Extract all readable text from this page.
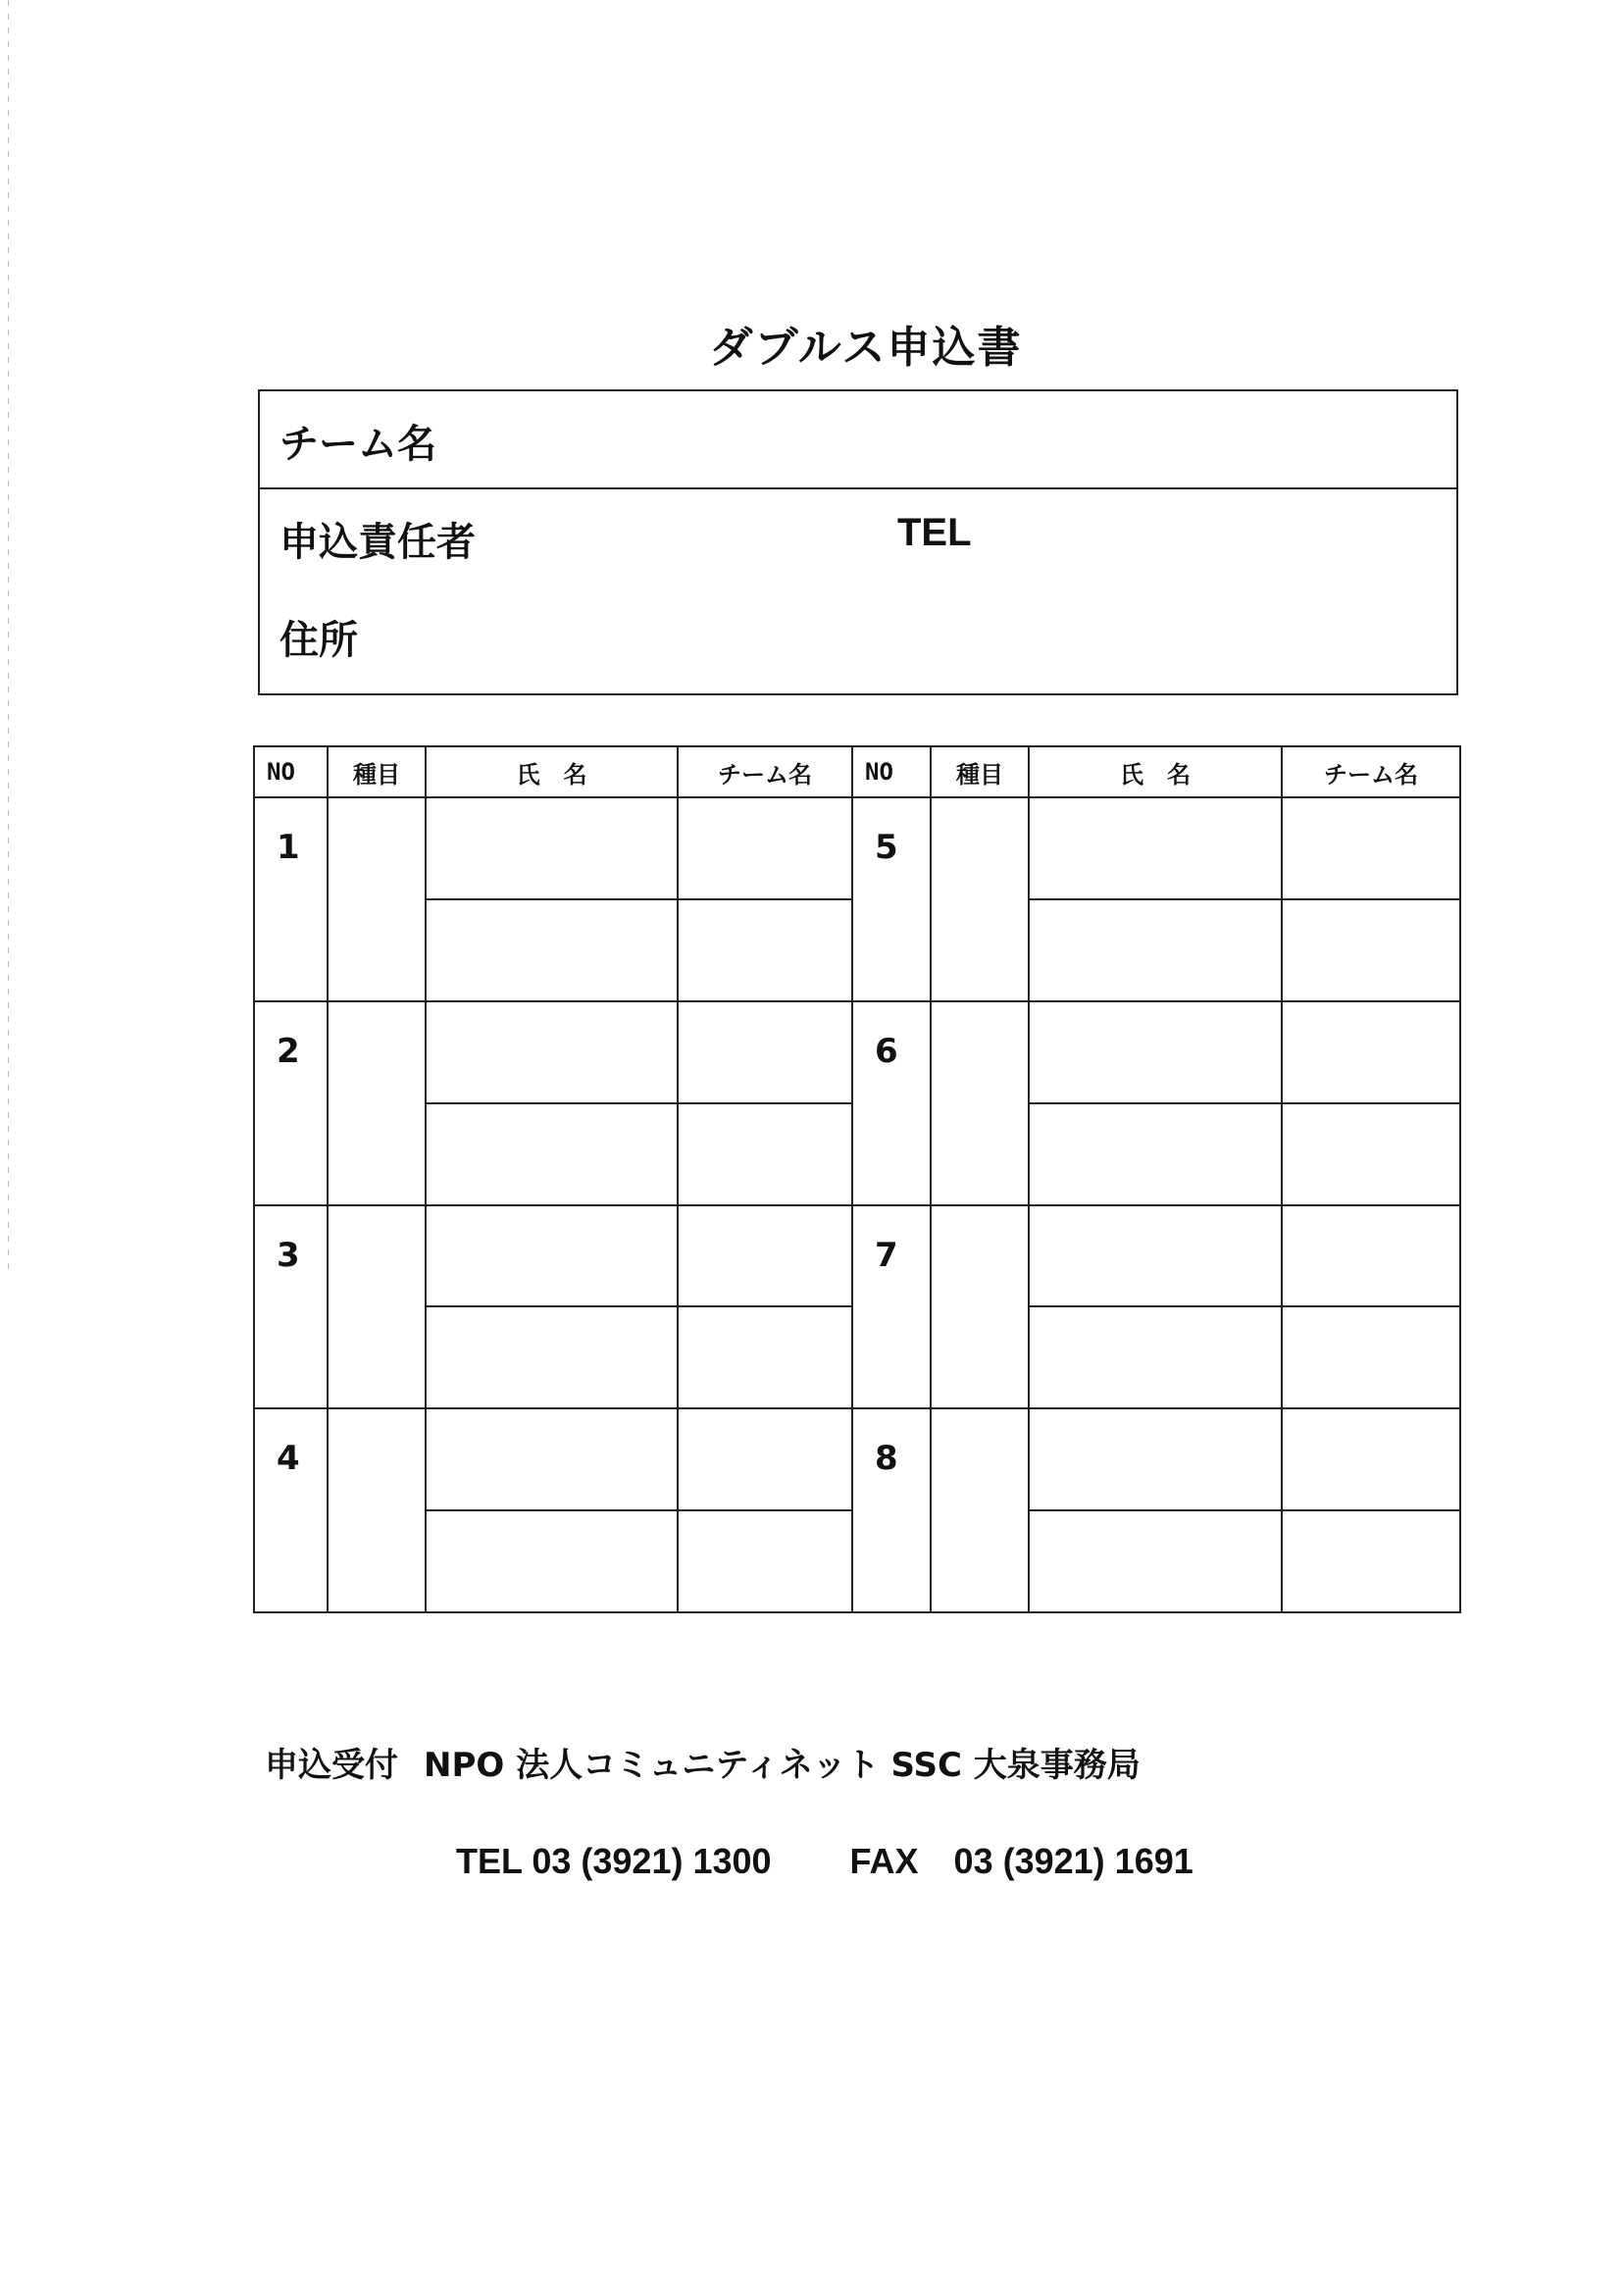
ダブルス申込書
チーム名
申込責任者	TEL
住所
NO	種目	氏　名	チーム名	NO	種目	氏　名	チーム名
1				5			

2				6			

3				7			

4				8			

申込受付 NPO 法人コミュニティネット SSC 大泉事務局
TEL 03 (3921) 1300 FAX　03 (3921) 1691
